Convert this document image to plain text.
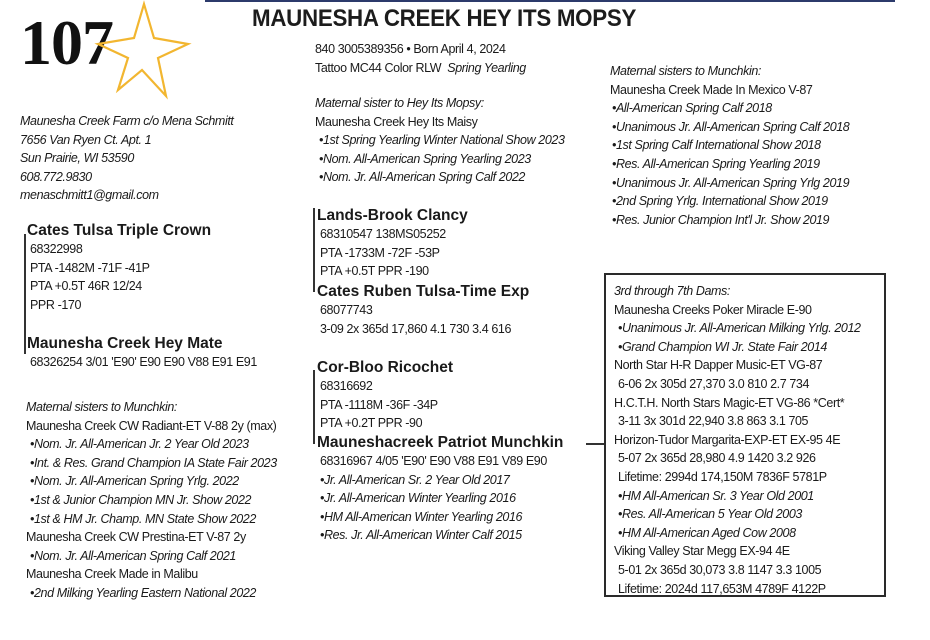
107	MAUNESHA CREEK HEY ITS MOPSY
Maunesha Creek Farm c/o Mena Schmitt
7656 Van Ryen Ct. Apt. 1
Sun Prairie, WI 53590
608.772.9830
menaschmitt1@gmail.com
840 3005389356 • Born April 4, 2024
Tattoo MC44 Color RLW Spring Yearling
Cates Tulsa Triple Crown
68322998
PTA -1482M -71F -41P
PTA +0.5T 46R 12/24
PPR -170
Maunesha Creek Hey Mate
68326254 3/01 'E90' E90 E90 V88 E91 E91
Maternal sisters to Munchkin:
Maunesha Creek CW Radiant-ET V-88 2y (max)
•Nom. Jr. All-American Jr. 2 Year Old 2023
•Int. & Res. Grand Champion IA State Fair 2023
•Nom. Jr. All-American Spring Yrlg. 2022
•1st & Junior Champion MN Jr. Show 2022
•1st & HM Jr. Champ. MN State Show 2022
Maunesha Creek CW Prestina-ET V-87 2y
•Nom. Jr. All-American Spring Calf 2021
Maunesha Creek Made in Malibu
•2nd Milking Yearling Eastern National 2022
Maternal sister to Hey Its Mopsy:
Maunesha Creek Hey Its Maisy
•1st Spring Yearling Winter National Show 2023
•Nom. All-American Spring Yearling 2023
•Nom. Jr. All-American Spring Calf 2022
Lands-Brook Clancy
68310547 138MS05252
PTA -1733M -72F -53P
PTA +0.5T PPR -190
Cates Ruben Tulsa-Time Exp
68077743
3-09 2x 365d 17,860 4.1 730 3.4 616
Cor-Bloo Ricochet
68316692
PTA -1118M -36F -34P
PTA +0.2T PPR -90
Mauneshacreek Patriot Munchkin
68316967 4/05 'E90' E90 V88 E91 V89 E90
•Jr. All-American Sr. 2 Year Old 2017
•Jr. All-American Winter Yearling 2016
•HM All-American Winter Yearling 2016
•Res. Jr. All-American Winter Calf 2015
Maternal sisters to Munchkin:
Maunesha Creek Made In Mexico V-87
•All-American Spring Calf 2018
•Unanimous Jr. All-American Spring Calf 2018
•1st Spring Calf International Show 2018
•Res. All-American Spring Yearling 2019
•Unanimous Jr. All-American Spring Yrlg 2019
•2nd Spring Yrlg. International Show 2019
•Res. Junior Champion Int'l Jr. Show 2019
3rd through 7th Dams:
Maunesha Creeks Poker Miracle E-90
•Unanimous Jr. All-American Milking Yrlg. 2012
•Grand Champion WI Jr. State Fair 2014
North Star H-R Dapper Music-ET VG-87
6-06 2x 305d 27,370 3.0 810 2.7 734
H.C.T.H. North Stars Magic-ET VG-86 *Cert*
3-11 3x 301d 22,940 3.8 863 3.1 705
Horizon-Tudor Margarita-EXP-ET EX-95 4E
5-07 2x 365d 28,980 4.9 1420 3.2 926
Lifetime: 2994d 174,150M 7836F 5781P
•HM All-American Sr. 3 Year Old 2001
•Res. All-American 5 Year Old 2003
•HM All-American Aged Cow 2008
Viking Valley Star Megg EX-94 4E
5-01 2x 365d 30,073 3.8 1147 3.3 1005
Lifetime: 2024d 117,653M 4789F 4122P
